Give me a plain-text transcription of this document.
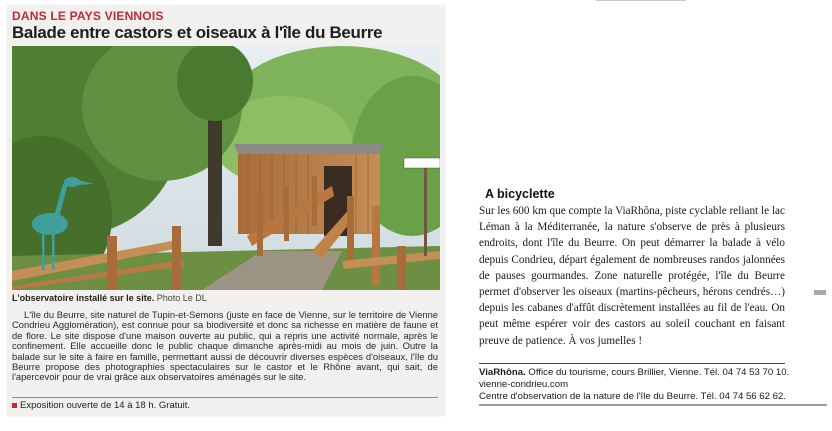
DANS LE PAYS VIENNOIS
Balade entre castors et oiseaux à l'île du Beurre
L'observatoire installé sur le site. Photo Le DL
L'île du Beurre, site naturel de Tupin-et-Semons (juste en face de Vienne, sur le territoire de Vienne Condrieu Agglomération), est connue pour sa biodiversité et donc sa richesse en matière de faune et de flore. Le site dispose d'une maison ouverte au public, qui a repris une activité normale, après le confinement. Elle accueille donc le public chaque dimanche après-midi au mois de juin. Outre la balade sur le site à faire en famille, permettant aussi de découvrir diverses espèces d'oiseaux, l'île du Beurre propose des photographies spectaculaires sur le castor et le Rhône avant, qui sait, de l'apercevoir pour de vrai grâce aux observatoires aménagés sur le site.
Exposition ouverte de 14 à 18 h. Gratuit.
A bicyclette
Sur les 600 km que compte la ViaRhôna, piste cyclable reliant le lac Léman à la Méditerranée, la nature s'observe de près à plusieurs endroits, dont l'île du Beurre. On peut démarrer la balade à vélo depuis Condrieu, départ également de nombreuses randos jalonnées de pauses gourmandes. Zone naturelle protégée, l'île du Beurre permet d'observer les oiseaux (martins-pêcheurs, hérons cendrés…) depuis les cabanes d'affût discrètement installées au fil de l'eau. On peut même espérer voir des castors au soleil couchant en faisant preuve de patience. À vos jumelles !
ViaRhôna. Office du tourisme, cours Brillier, Vienne. Tél. 04 74 53 70 10.
vienne-condrieu.com
Centre d'observation de la nature de l'île du Beurre. Tél. 04 74 56 62 62.
